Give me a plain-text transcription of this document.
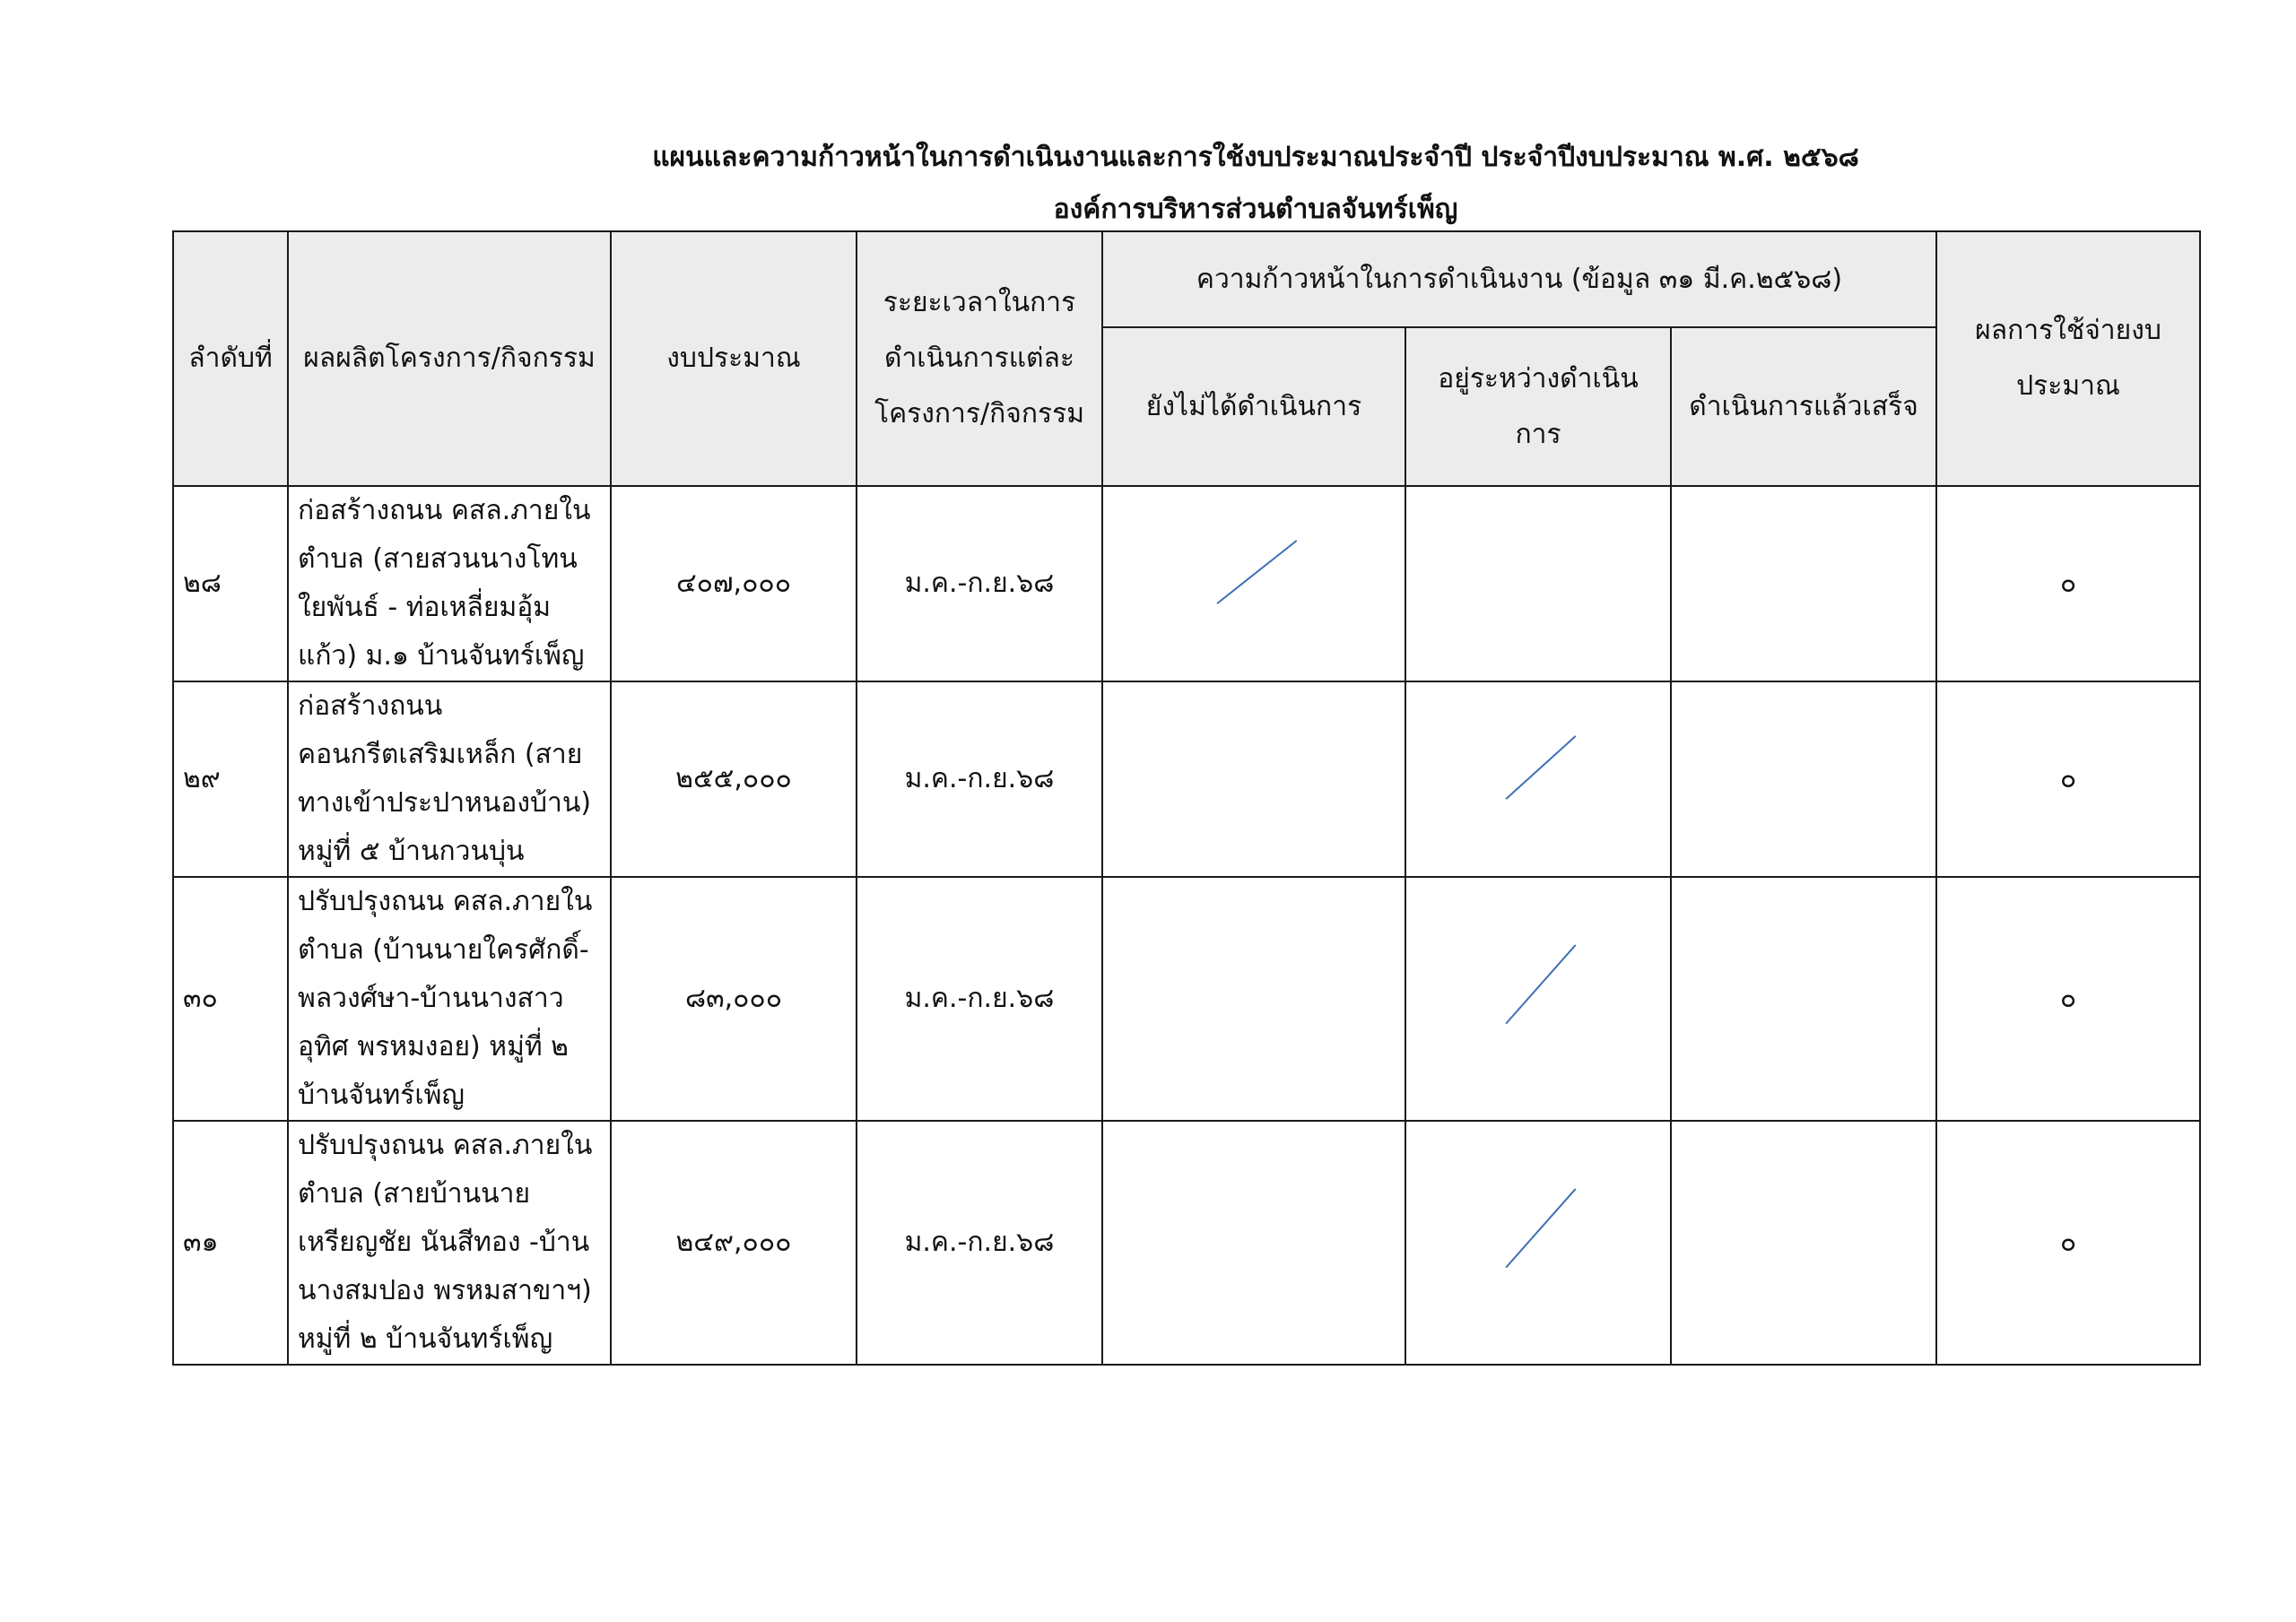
แผนและความก้าวหน้าในการดำเนินงานและการใช้งบประมาณประจำปี ประจำปีงบประมาณ พ.ศ. ๒๕๖๘
องค์การบริหารส่วนตำบลจันทร์เพ็ญ
ลำดับที่	ผลผลิตโครงการ/กิจกรรม	งบประมาณ	ระยะเวลาในการดำเนินการแต่ละโครงการ/กิจกรรม	ความก้าวหน้าในการดำเนินงาน (ข้อมูล ๓๑ มี.ค.๒๕๖๘)			ผลการใช้จ่ายงบประมาณ
				ยังไม่ได้ดำเนินการ	อยู่ระหว่างดำเนินการ	ดำเนินการแล้วเสร็จ	
๒๘	ก่อสร้างถนน คสล.ภายในตำบล (สายสวนนางโทนใยพันธ์ - ท่อเหลี่ยมอุ้มแก้ว) ม.๑ บ้านจันทร์เพ็ญ	๔๐๗,๐๐๐	ม.ค.-ก.ย.๖๘				๐
๒๙	ก่อสร้างถนนคอนกรีตเสริมเหล็ก (สายทางเข้าประปาหนองบ้าน) หมู่ที่ ๕ บ้านกวนบุ่น	๒๕๕,๐๐๐	ม.ค.-ก.ย.๖๘				๐
๓๐	ปรับปรุงถนน คสล.ภายในตำบล (บ้านนายใครศักดิ์-พลวงศ์ษา-บ้านนางสาวอุทิศ พรหมงอย) หมู่ที่ ๒ บ้านจันทร์เพ็ญ	๘๓,๐๐๐	ม.ค.-ก.ย.๖๘				๐
๓๑	ปรับปรุงถนน คสล.ภายในตำบล (สายบ้านนายเหรียญชัย นันสีทอง -บ้านนางสมปอง พรหมสาขาฯ) หมู่ที่ ๒ บ้านจันทร์เพ็ญ	๒๔๙,๐๐๐	ม.ค.-ก.ย.๖๘				๐
